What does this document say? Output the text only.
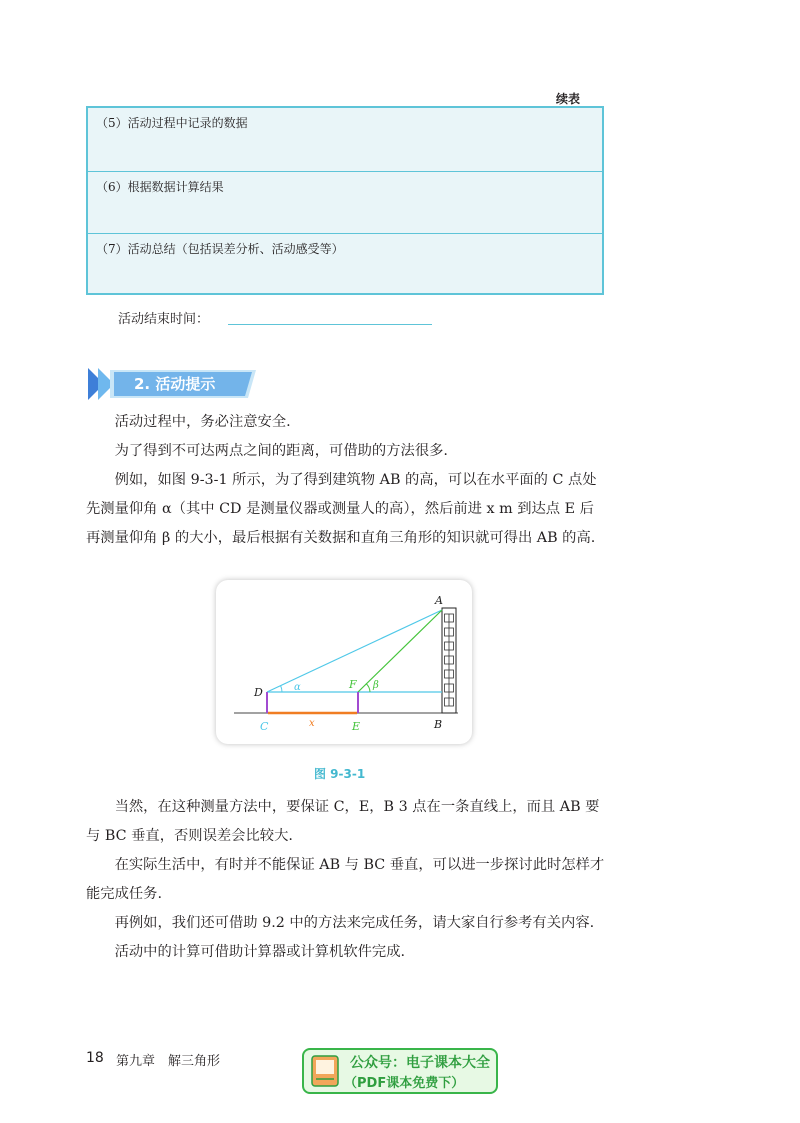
续表
（5）活动过程中记录的数据
（6）根据数据计算结果
（7）活动总结（包括误差分析、活动感受等）
活动结束时间：
2. 活动提示

活动过程中，务必注意安全.

为了得到不可达两点之间的距离，可借助的方法很多.

例如，如图 9-3-1 所示，为了得到建筑物 AB 的高，可以在水平面的 C 点处先测量仰角 α（其中 CD 是测量仪器或测量人的高），然后前进 x m 到达点 E 后再测量仰角 β 的大小，最后根据有关数据和直角三角形的知识就可得出 AB 的高.

A
B
C
D
E
F
α	β
x
图 9-3-1

当然，在这种测量方法中，要保证 C，E，B 3 点在一条直线上，而且 AB 要与 BC 垂直，否则误差会比较大.

在实际生活中，有时并不能保证 AB 与 BC 垂直，可以进一步探讨此时怎样才能完成任务.

再例如，我们还可借助 9.2 中的方法来完成任务，请大家自行参考有关内容.

活动中的计算可借助计算器或计算机软件完成.

18 第九章　解三角形	公众号：电子课本大全
（PDF课本免费下）
